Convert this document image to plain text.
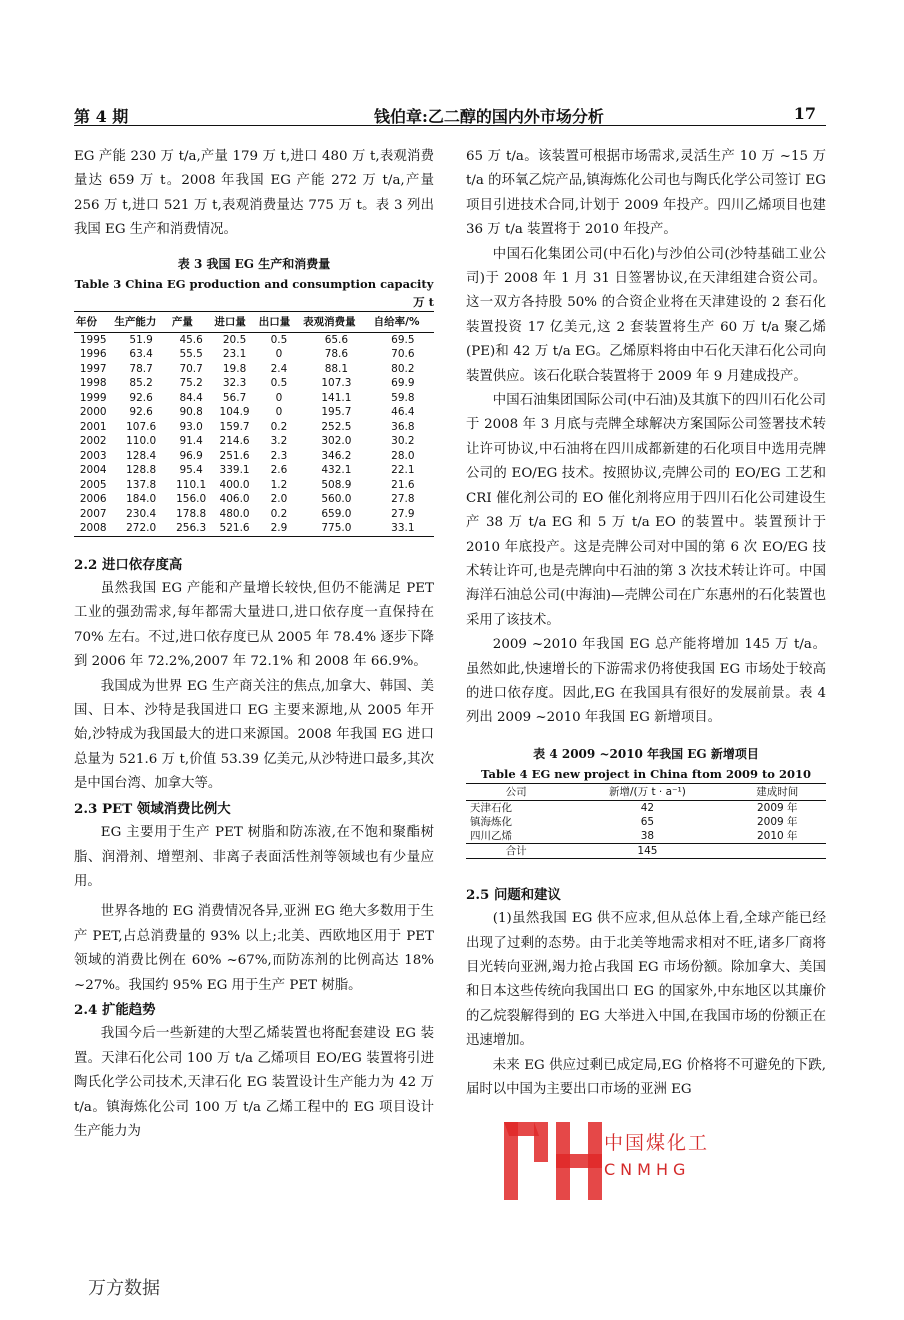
第 4 期	钱伯章:乙二醇的国内外市场分析	17

EG 产能 230 万 t/a,产量 179 万 t,进口 480 万 t,表观消费量达 659 万 t。2008 年我国 EG 产能 272 万 t/a,产量 256 万 t,进口 521 万 t,表观消费量达 775 万 t。表 3 列出我国 EG 生产和消费情况。

表 3 我国 EG 生产和消费量
Table 3 China EG production and consumption capacity
万 t
年份	生产能力	产量	进口量	出口量	表观消费量	自给率/%
1995	51.9	45.6	20.5	0.5	65.6	69.5
1996	63.4	55.5	23.1	0	78.6	70.6
1997	78.7	70.7	19.8	2.4	88.1	80.2
1998	85.2	75.2	32.3	0.5	107.3	69.9
1999	92.6	84.4	56.7	0	141.1	59.8
2000	92.6	90.8	104.9	0	195.7	46.4
2001	107.6	93.0	159.7	0.2	252.5	36.8
2002	110.0	91.4	214.6	3.2	302.0	30.2
2003	128.4	96.9	251.6	2.3	346.2	28.0
2004	128.8	95.4	339.1	2.6	432.1	22.1
2005	137.8	110.1	400.0	1.2	508.9	21.6
2006	184.0	156.0	406.0	2.0	560.0	27.8
2007	230.4	178.8	480.0	0.2	659.0	27.9
2008	272.0	256.3	521.6	2.9	775.0	33.1

2.2 进口依存度高

虽然我国 EG 产能和产量增长较快,但仍不能满足 PET 工业的强劲需求,每年都需大量进口,进口依存度一直保持在 70% 左右。不过,进口依存度已从 2005 年 78.4% 逐步下降到 2006 年 72.2%,2007 年 72.1% 和 2008 年 66.9%。

我国成为世界 EG 生产商关注的焦点,加拿大、韩国、美国、日本、沙特是我国进口 EG 主要来源地,从 2005 年开始,沙特成为我国最大的进口来源国。2008 年我国 EG 进口总量为 521.6 万 t,价值 53.39 亿美元,从沙特进口最多,其次是中国台湾、加拿大等。

2.3 PET 领域消费比例大

EG 主要用于生产 PET 树脂和防冻液,在不饱和聚酯树脂、润滑剂、增塑剂、非离子表面活性剂等领域也有少量应用。

世界各地的 EG 消费情况各异,亚洲 EG 绝大多数用于生产 PET,占总消费量的 93% 以上;北美、西欧地区用于 PET 领域的消费比例在 60% ~67%,而防冻剂的比例高达 18% ~27%。我国约 95% EG 用于生产 PET 树脂。

2.4 扩能趋势

我国今后一些新建的大型乙烯装置也将配套建设 EG 装置。天津石化公司 100 万 t/a 乙烯项目 EO/EG 装置将引进陶氏化学公司技术,天津石化 EG 装置设计生产能力为 42 万 t/a。镇海炼化公司 100 万 t/a 乙烯工程中的 EG 项目设计生产能力为

65 万 t/a。该装置可根据市场需求,灵活生产 10 万 ~15 万 t/a 的环氧乙烷产品,镇海炼化公司也与陶氏化学公司签订 EG 项目引进技术合同,计划于 2009 年投产。四川乙烯项目也建 36 万 t/a 装置将于 2010 年投产。

中国石化集团公司(中石化)与沙伯公司(沙特基础工业公司)于 2008 年 1 月 31 日签署协议,在天津组建合资公司。这一双方各持股 50% 的合资企业将在天津建设的 2 套石化装置投资 17 亿美元,这 2 套装置将生产 60 万 t/a 聚乙烯(PE)和 42 万 t/a EG。乙烯原料将由中石化天津石化公司向装置供应。该石化联合装置将于 2009 年 9 月建成投产。

中国石油集团国际公司(中石油)及其旗下的四川石化公司于 2008 年 3 月底与壳牌全球解决方案国际公司签署技术转让许可协议,中石油将在四川成都新建的石化项目中选用壳牌公司的 EO/EG 技术。按照协议,壳牌公司的 EO/EG 工艺和 CRI 催化剂公司的 EO 催化剂将应用于四川石化公司建设生产 38 万 t/a EG 和 5 万 t/a EO 的装置中。装置预计于 2010 年底投产。这是壳牌公司对中国的第 6 次 EO/EG 技术转让许可,也是壳牌向中石油的第 3 次技术转让许可。中国海洋石油总公司(中海油)—壳牌公司在广东惠州的石化装置也采用了该技术。

2009 ~2010 年我国 EG 总产能将增加 145 万 t/a。虽然如此,快速增长的下游需求仍将使我国 EG 市场处于较高的进口依存度。因此,EG 在我国具有很好的发展前景。表 4 列出 2009 ~2010 年我国 EG 新增项目。

表 4 2009 ~2010 年我国 EG 新增项目
Table 4 EG new project in China ftom 2009 to 2010
公司	新增/(万 t · a⁻¹)	建成时间
天津石化	42	2009 年
镇海炼化	65	2009 年
四川乙烯	38	2010 年
合计	145	

2.5 问题和建议

(1)虽然我国 EG 供不应求,但从总体上看,全球产能已经出现了过剩的态势。由于北美等地需求相对不旺,诸多厂商将目光转向亚洲,竭力抢占我国 EG 市场份额。除加拿大、美国和日本这些传统向我国出口 EG 的国家外,中东地区以其廉价的乙烷裂解得到的 EG 大举进入中国,在我国市场的份额正在迅速增加。

未来 EG 供应过剩已成定局,EG 价格将不可避免的下跌,届时以中国为主要出口市场的亚洲 EG

中国煤化工
CNMHG
万方数据
